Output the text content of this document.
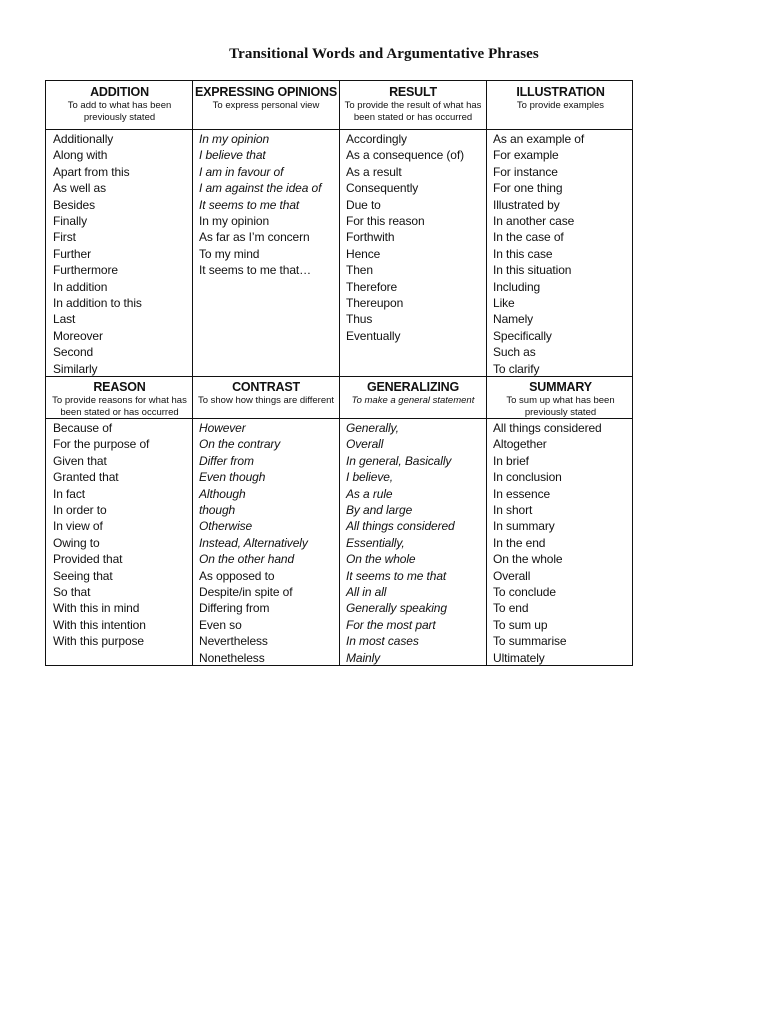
Transitional Words and Argumentative Phrases
ADDITION
To add to what has been previously stated
Additionally
Along with
Apart from this
As well as
Besides
Finally
First
Further
Furthermore
In addition
In addition to this
Last
Moreover
Second
Similarly
EXPRESSING OPINIONS
To express personal view
In my opinion
I believe that
I am in favour of
I am against the idea of
It seems to me that
In my opinion
As far as I’m concern
To my mind
It seems to me that…
RESULT
To provide the result of what has been stated or has occurred
Accordingly
As a consequence (of)
As a result
Consequently
Due to
For this reason
Forthwith
Hence
Then
Therefore
Thereupon
Thus
Eventually
ILLUSTRATION
To provide examples
As an example of
For example
For instance
For one thing
Illustrated by
In another case
In the case of
In this case
In this situation
Including
Like
Namely
Specifically
Such as
To clarify
REASON
To provide reasons for what has been stated or has occurred
Because of
For the purpose of
Given that
Granted that
In fact
In order to
In view of
Owing to
Provided that
Seeing that
So that
With this in mind
With this intention
With this purpose
CONTRAST
To show how things are different
However
On the contrary
Differ from
Even though
Although
though
Otherwise
Instead, Alternatively
On the other hand
As opposed to
Despite/in spite of
Differing from
Even so
Nevertheless
Nonetheless
GENERALIZING
To make a general statement
Generally,
Overall
In general, Basically
I believe,
As a rule
By and large
All things considered
Essentially,
On the whole
It seems to me that
All in all
Generally speaking
For the most part
In most cases
Mainly
SUMMARY
To sum up what has been previously stated
All things considered
Altogether
In brief
In conclusion
In essence
In short
In summary
In the end
On the whole
Overall
To conclude
To end
To sum up
To summarise
Ultimately
